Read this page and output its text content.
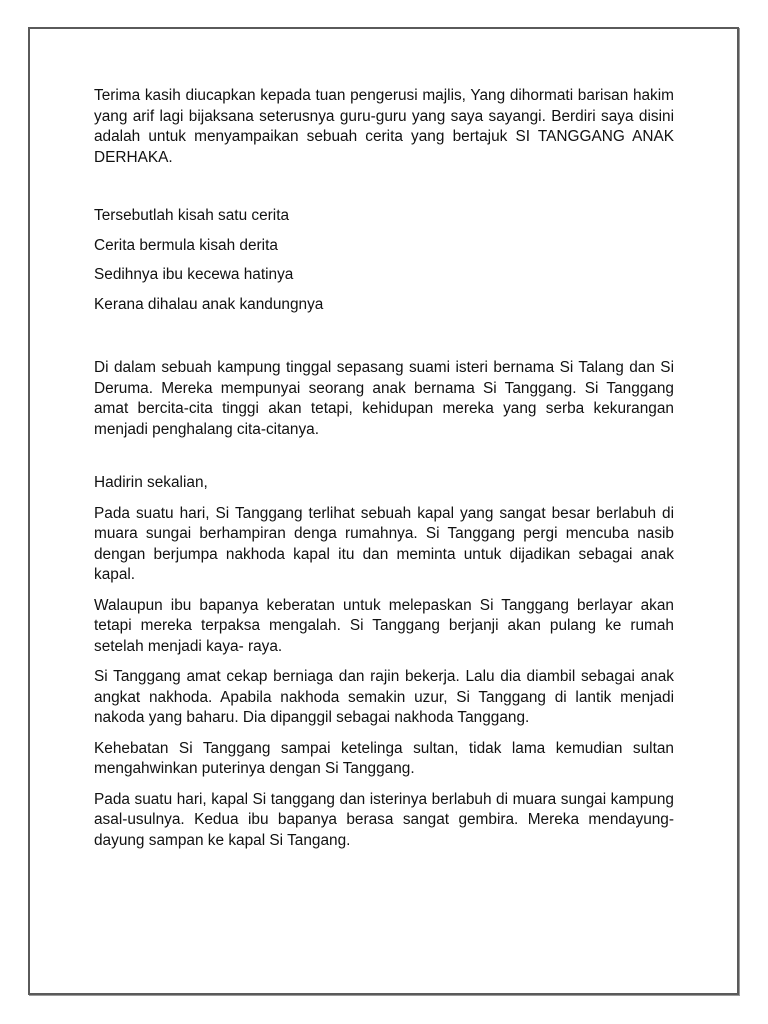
Terima kasih diucapkan kepada tuan pengerusi majlis, Yang dihormati barisan hakim yang arif lagi bijaksana seterusnya guru-guru yang saya sayangi. Berdiri saya disini adalah untuk menyampaikan sebuah cerita yang bertajuk SI TANGGANG ANAK DERHAKA.

Tersebutlah kisah satu cerita

Cerita bermula kisah derita

Sedihnya ibu kecewa hatinya

Kerana dihalau anak kandungnya

Di dalam sebuah kampung tinggal sepasang suami isteri bernama Si Talang dan Si Deruma. Mereka mempunyai seorang anak bernama Si Tanggang. Si Tanggang amat bercita-cita tinggi akan tetapi, kehidupan mereka yang serba kekurangan menjadi penghalang cita-citanya.

Hadirin sekalian,

Pada suatu hari, Si Tanggang terlihat sebuah kapal yang sangat besar berlabuh di muara sungai berhampiran denga rumahnya. Si Tanggang pergi mencuba nasib dengan berjumpa nakhoda kapal itu dan meminta untuk dijadikan sebagai anak kapal.

Walaupun ibu bapanya keberatan untuk melepaskan Si Tanggang berlayar akan tetapi mereka terpaksa mengalah. Si Tanggang berjanji akan pulang ke rumah setelah menjadi kaya- raya.

Si Tanggang amat cekap berniaga dan rajin bekerja. Lalu dia diambil sebagai anak angkat nakhoda. Apabila nakhoda semakin uzur, Si Tanggang di lantik menjadi nakoda yang baharu. Dia dipanggil sebagai nakhoda Tanggang.

Kehebatan Si Tanggang sampai ketelinga sultan, tidak lama kemudian sultan mengahwinkan puterinya dengan Si Tanggang.

Pada suatu hari, kapal Si tanggang dan isterinya berlabuh di muara sungai kampung asal-usulnya. Kedua ibu bapanya berasa sangat gembira. Mereka mendayung-dayung sampan ke kapal Si Tangang.
